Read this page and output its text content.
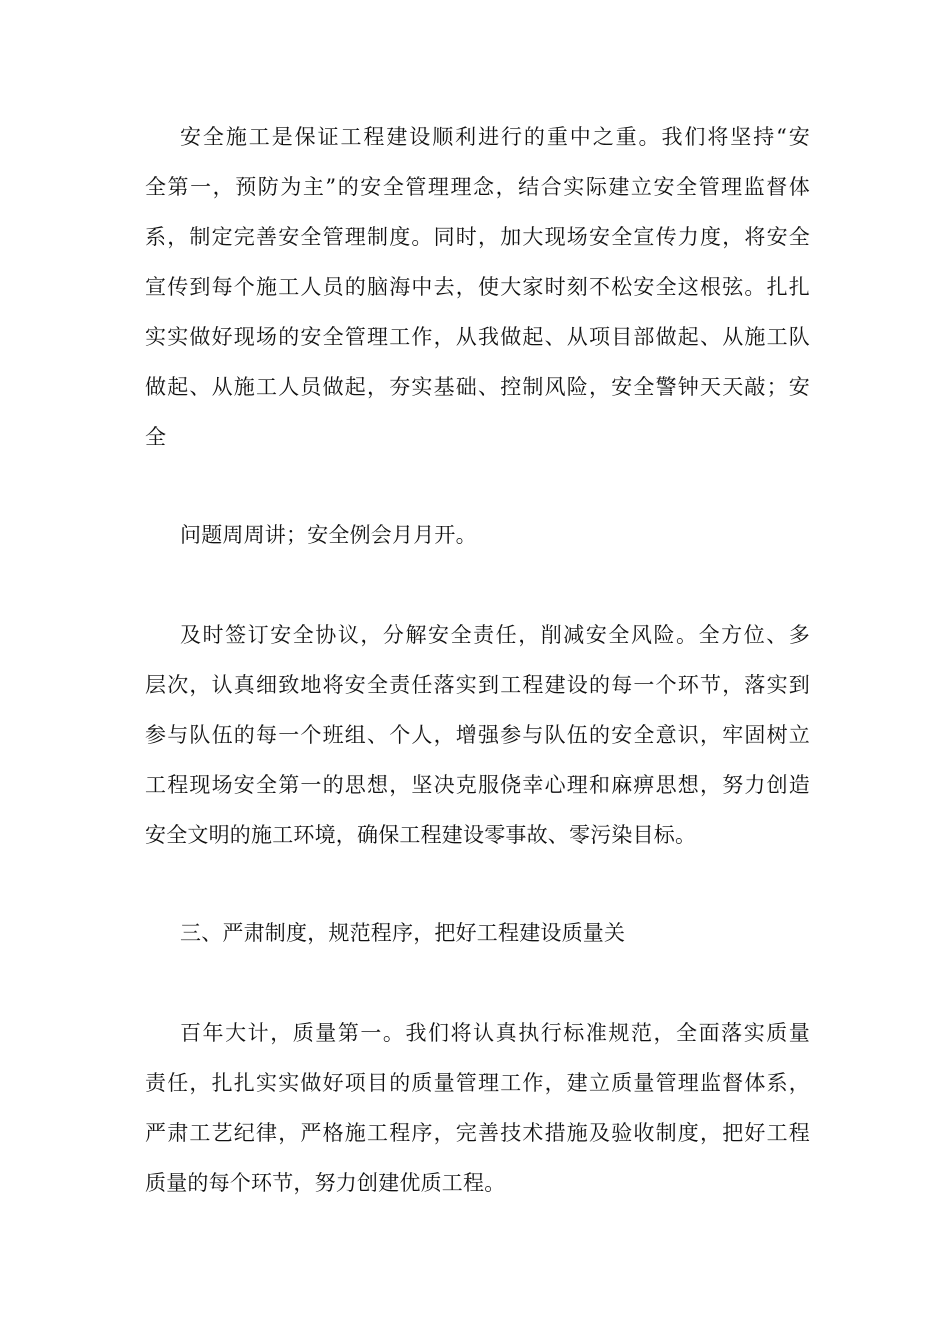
安全施工是保证工程建设顺利进行的重中之重。我们将坚持“安
全第一，预防为主”的安全管理理念，结合实际建立安全管理监督体
系，制定完善安全管理制度。同时，加大现场安全宣传力度，将安全
宣传到每个施工人员的脑海中去，使大家时刻不松安全这根弦。扎扎
实实做好现场的安全管理工作，从我做起、从项目部做起、从施工队
做起、从施工人员做起，夯实基础、控制风险，安全警钟天天敲；安
全
问题周周讲；安全例会月月开。
及时签订安全协议，分解安全责任，削减安全风险。全方位、多
层次，认真细致地将安全责任落实到工程建设的每一个环节，落实到
参与队伍的每一个班组、个人，增强参与队伍的安全意识，牢固树立
工程现场安全第一的思想，坚决克服侥幸心理和麻痹思想，努力创造
安全文明的施工环境，确保工程建设零事故、零污染目标。
三、严肃制度，规范程序，把好工程建设质量关
百年大计，质量第一。我们将认真执行标准规范，全面落实质量
责任，扎扎实实做好项目的质量管理工作，建立质量管理监督体系，
严肃工艺纪律，严格施工程序，完善技术措施及验收制度，把好工程
质量的每个环节，努力创建优质工程。
